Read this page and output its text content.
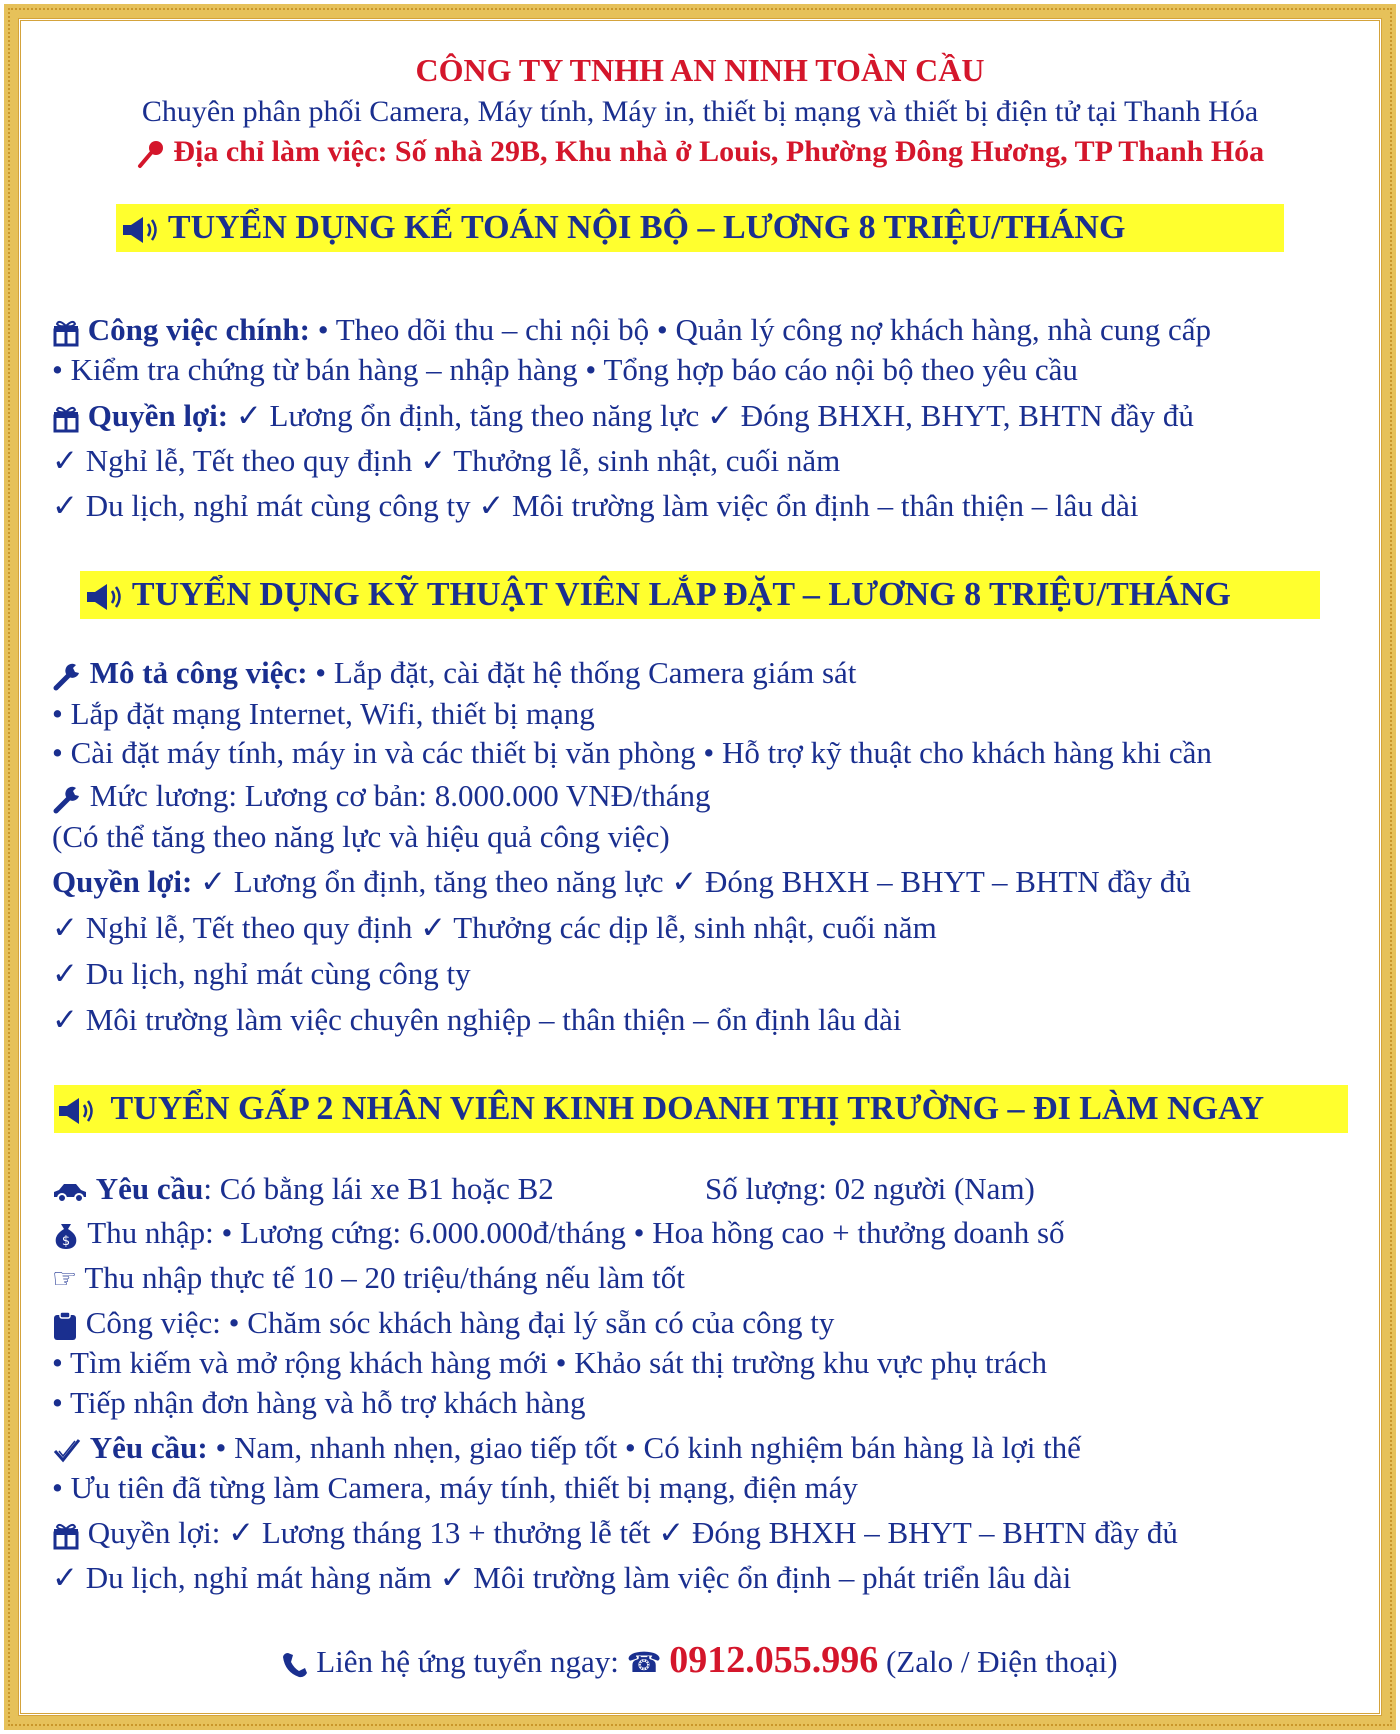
CÔNG TY TNHH AN NINH TOÀN CẦU
Chuyên phân phối Camera, Máy tính, Máy in, thiết bị mạng và thiết bị điện tử tại Thanh Hóa
Địa chỉ làm việc: Số nhà 29B, Khu nhà ở Louis, Phường Đông Hương, TP Thanh Hóa
TUYỂN DỤNG KẾ TOÁN NỘI BỘ – LƯƠNG 8 TRIỆU/THÁNG
Công việc chính: • Theo dõi thu – chi nội bộ • Quản lý công nợ khách hàng, nhà cung cấp
• Kiểm tra chứng từ bán hàng – nhập hàng • Tổng hợp báo cáo nội bộ theo yêu cầu
Quyền lợi: ✓ Lương ổn định, tăng theo năng lực ✓ Đóng BHXH, BHYT, BHTN đầy đủ
✓ Nghỉ lễ, Tết theo quy định ✓ Thưởng lễ, sinh nhật, cuối năm
✓ Du lịch, nghỉ mát cùng công ty ✓ Môi trường làm việc ổn định – thân thiện – lâu dài
TUYỂN DỤNG KỸ THUẬT VIÊN LẮP ĐẶT – LƯƠNG 8 TRIỆU/THÁNG
Mô tả công việc: • Lắp đặt, cài đặt hệ thống Camera giám sát
• Lắp đặt mạng Internet, Wifi, thiết bị mạng
• Cài đặt máy tính, máy in và các thiết bị văn phòng • Hỗ trợ kỹ thuật cho khách hàng khi cần
Mức lương: Lương cơ bản: 8.000.000 VNĐ/tháng
(Có thể tăng theo năng lực và hiệu quả công việc)
Quyền lợi: ✓ Lương ổn định, tăng theo năng lực ✓ Đóng BHXH – BHYT – BHTN đầy đủ
✓ Nghỉ lễ, Tết theo quy định ✓ Thưởng các dịp lễ, sinh nhật, cuối năm
✓ Du lịch, nghỉ mát cùng công ty
✓ Môi trường làm việc chuyên nghiệp – thân thiện – ổn định lâu dài
TUYỂN GẤP 2 NHÂN VIÊN KINH DOANH THỊ TRƯỜNG – ĐI LÀM NGAY
Yêu cầu: Có bằng lái xe B1 hoặc B2	Số lượng: 02 người (Nam)
$ Thu nhập: • Lương cứng: 6.000.000đ/tháng • Hoa hồng cao + thưởng doanh số
☞ Thu nhập thực tế 10 – 20 triệu/tháng nếu làm tốt
Công việc: • Chăm sóc khách hàng đại lý sẵn có của công ty
• Tìm kiếm và mở rộng khách hàng mới • Khảo sát thị trường khu vực phụ trách
• Tiếp nhận đơn hàng và hỗ trợ khách hàng
Yêu cầu: • Nam, nhanh nhẹn, giao tiếp tốt • Có kinh nghiệm bán hàng là lợi thế
• Ưu tiên đã từng làm Camera, máy tính, thiết bị mạng, điện máy
Quyền lợi: ✓ Lương tháng 13 + thưởng lễ tết ✓ Đóng BHXH – BHYT – BHTN đầy đủ
✓ Du lịch, nghỉ mát hàng năm ✓ Môi trường làm việc ổn định – phát triển lâu dài
Liên hệ ứng tuyển ngay: ☎ 0912.055.996 (Zalo / Điện thoại)
